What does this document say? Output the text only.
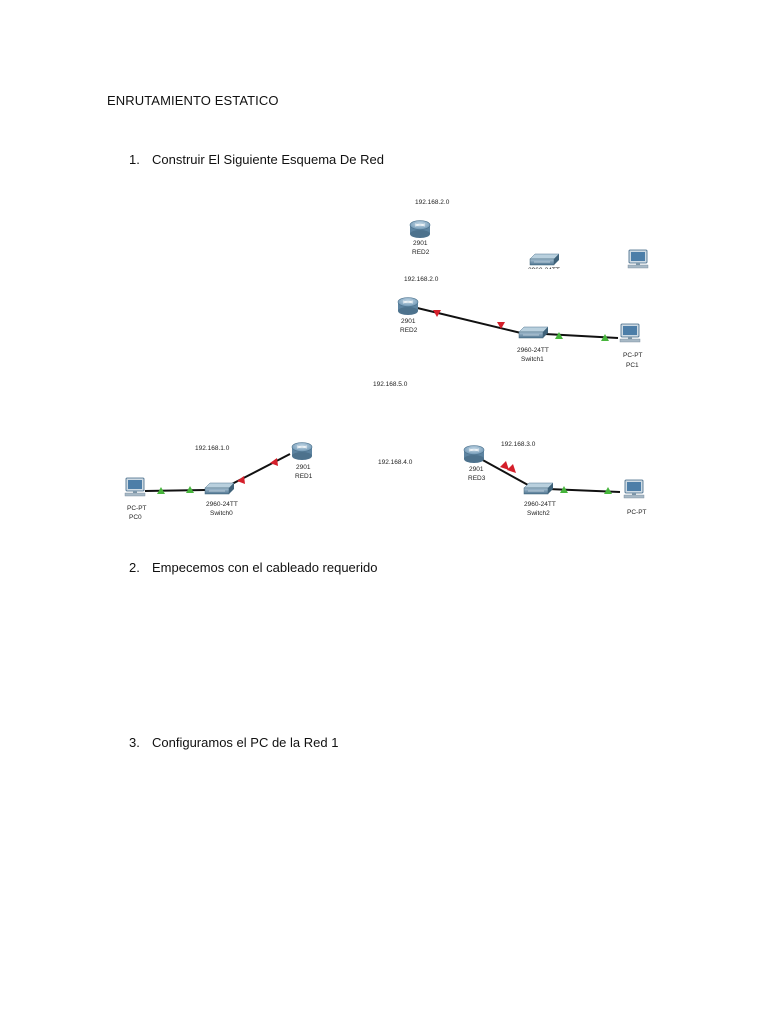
ENRUTAMIENTO ESTATICO
1. Construir El Siguiente Esquema De Red
2. Empecemos con el cableado requerido
3. Configuramos el PC de la Red 1
192.168.2.0
192.168.2.0
192.168.5.0
192.168.1.0
192.168.4.0
192.168.3.0
2901
RED2
2960-24TT
2901
RED2
2960-24TT
Switch1
PC-PT
PC1
PC-PT
PC0
2960-24TT
Switch0
2901
RED1
2901
RED3
2960-24TT
Switch2	PC-PT
PC2
